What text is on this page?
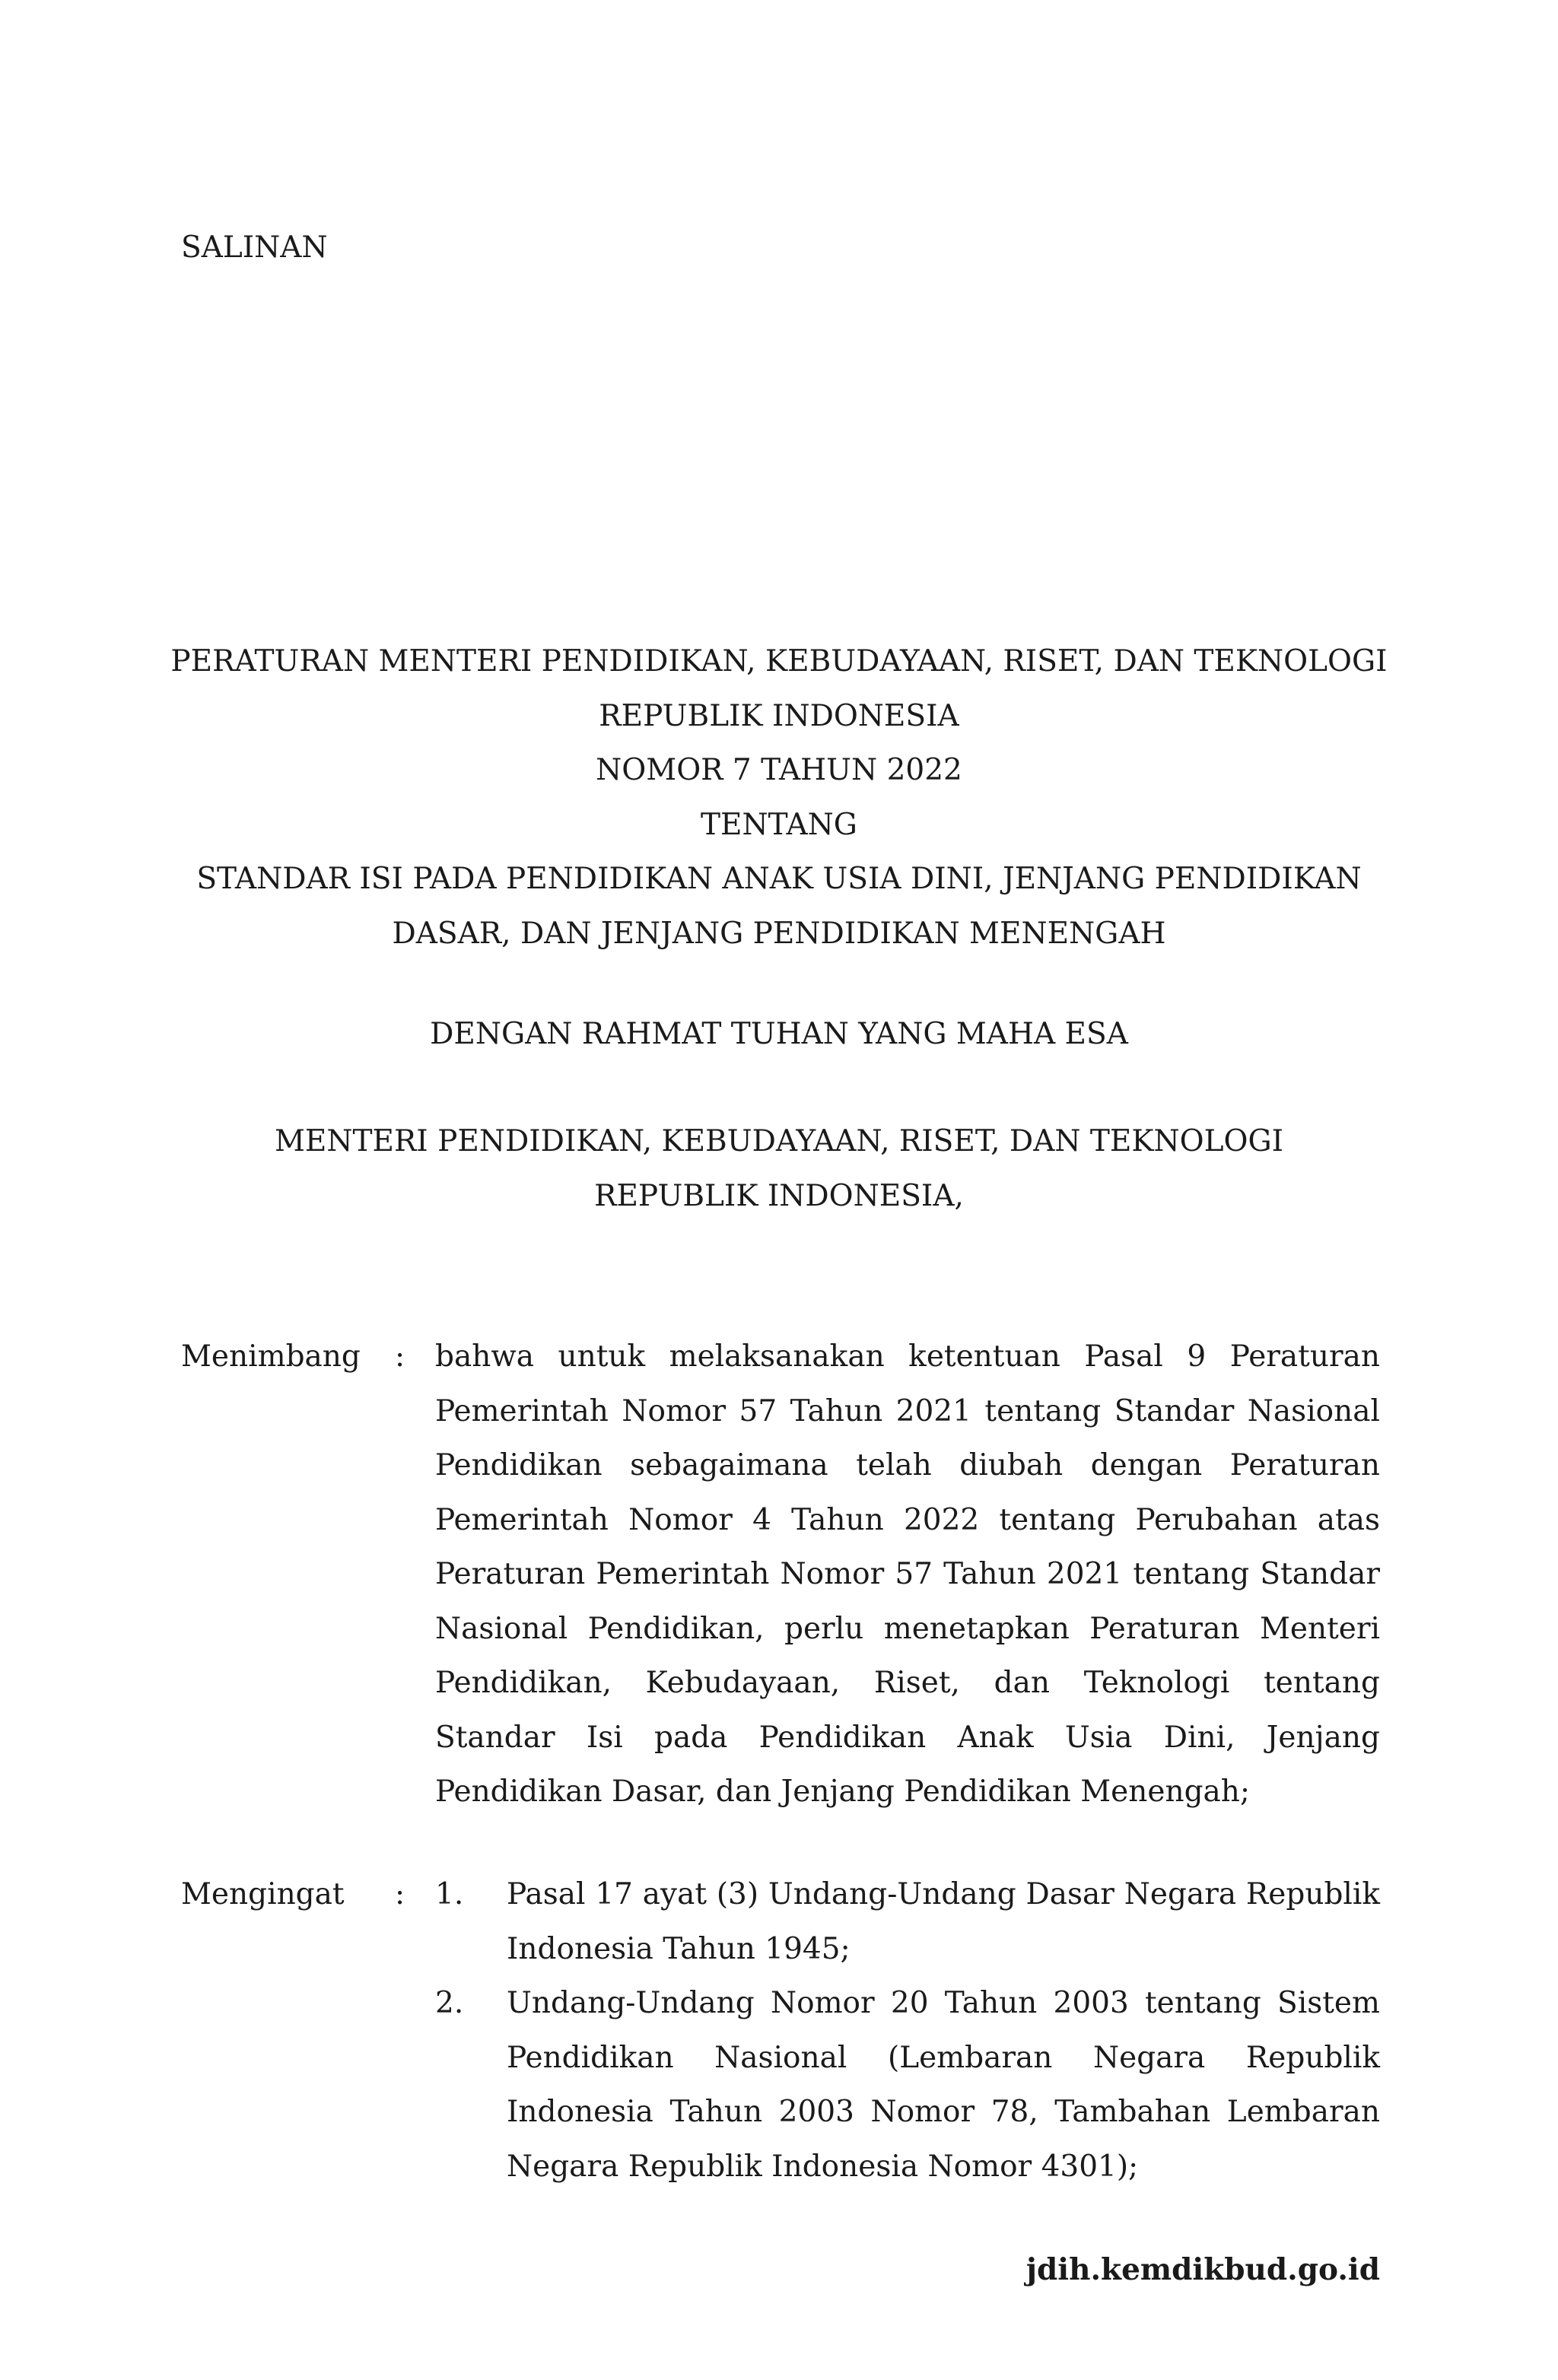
SALINAN
PERATURAN MENTERI PENDIDIKAN, KEBUDAYAAN, RISET, DAN TEKNOLOGI
REPUBLIK INDONESIA
NOMOR 7 TAHUN 2022
TENTANG
STANDAR ISI PADA PENDIDIKAN ANAK USIA DINI, JENJANG PENDIDIKAN
DASAR, DAN JENJANG PENDIDIKAN MENENGAH
DENGAN RAHMAT TUHAN YANG MAHA ESA
MENTERI PENDIDIKAN, KEBUDAYAAN, RISET, DAN TEKNOLOGI
REPUBLIK INDONESIA,
Menimbang : bahwa untuk melaksanakan ketentuan Pasal 9 Peraturan
Pemerintah Nomor 57 Tahun 2021 tentang Standar Nasional
Pendidikan sebagaimana telah diubah dengan Peraturan
Pemerintah Nomor 4 Tahun 2022 tentang Perubahan atas
Peraturan Pemerintah Nomor 57 Tahun 2021 tentang Standar
Nasional Pendidikan, perlu menetapkan Peraturan Menteri
Pendidikan, Kebudayaan, Riset, dan Teknologi tentang
Standar Isi pada Pendidikan Anak Usia Dini, Jenjang
Pendidikan Dasar, dan Jenjang Pendidikan Menengah;
Mengingat : 1.	Pasal 17 ayat (3) Undang-Undang Dasar Negara Republik
Indonesia Tahun 1945;
2.	Undang-Undang Nomor 20 Tahun 2003 tentang Sistem
Pendidikan Nasional (Lembaran Negara Republik
Indonesia Tahun 2003 Nomor 78, Tambahan Lembaran
Negara Republik Indonesia Nomor 4301);
jdih.kemdikbud.go.id
